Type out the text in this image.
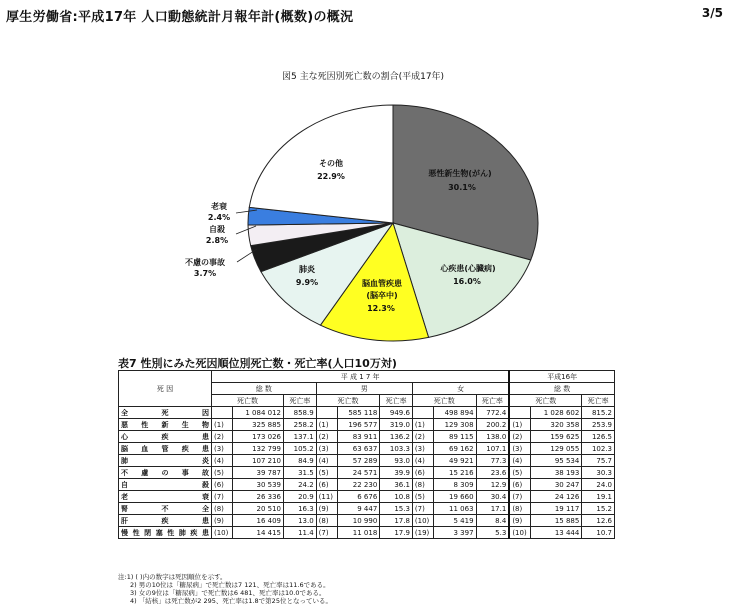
厚生労働省:平成17年 人口動態統計月報年計(概数)の概況	3/5
図5 主な死因別死亡数の割合(平成17年)
悪性新生物(がん)
30.1%
心疾患(心臓病)
16.0%
脳血管疾患
(脳卒中)
12.3%
肺炎
9.9%
その他
22.9%
老衰
2.4%
自殺
2.8%
不慮の事故
3.7%
表7 性別にみた死因順位別死亡数・死亡率(人口10万対)
死 因	平 成 1 7 年									平成16年		
	総 数			男			女			総 数		
	死亡数		死亡率	死亡数		死亡率	死亡数		死亡率	死亡数		死亡率
全 死 因		1 084 012	858.9		585 118	949.6		498 894	772.4		1 028 602	815.2
悪性新生物	(1)	325 885	258.2	(1)	196 577	319.0	(1)	129 308	200.2	(1)	320 358	253.9
心 疾 患	(2)	173 026	137.1	(2)	83 911	136.2	(2)	89 115	138.0	(2)	159 625	126.5
脳血管疾患	(3)	132 799	105.2	(3)	63 637	103.3	(3)	69 162	107.1	(3)	129 055	102.3
肺 炎	(4)	107 210	84.9	(4)	57 289	93.0	(4)	49 921	77.3	(4)	95 534	75.7
不慮の事故	(5)	39 787	31.5	(5)	24 571	39.9	(6)	15 216	23.6	(5)	38 193	30.3
自 殺	(6)	30 539	24.2	(6)	22 230	36.1	(8)	8 309	12.9	(6)	30 247	24.0
老 衰	(7)	26 336	20.9	(11)	6 676	10.8	(5)	19 660	30.4	(7)	24 126	19.1
腎 不 全	(8)	20 510	16.3	(9)	9 447	15.3	(7)	11 063	17.1	(8)	19 117	15.2
肝 疾 患	(9)	16 409	13.0	(8)	10 990	17.8	(10)	5 419	8.4	(9)	15 885	12.6
慢性閉塞性肺疾患	(10)	14 415	11.4	(7)	11 018	17.9	(19)	3 397	5.3	(10)	13 444	10.7
注:1) ( )内の数字は死因順位を示す。
2) 男の10位は「糖尿病」で死亡数は7 121、死亡率は11.6である。
3) 女の9位は「糖尿病」で死亡数は6 481、死亡率は10.0である。
4) 「結核」は死亡数が2 295、死亡率は1.8で第25位となっている。
